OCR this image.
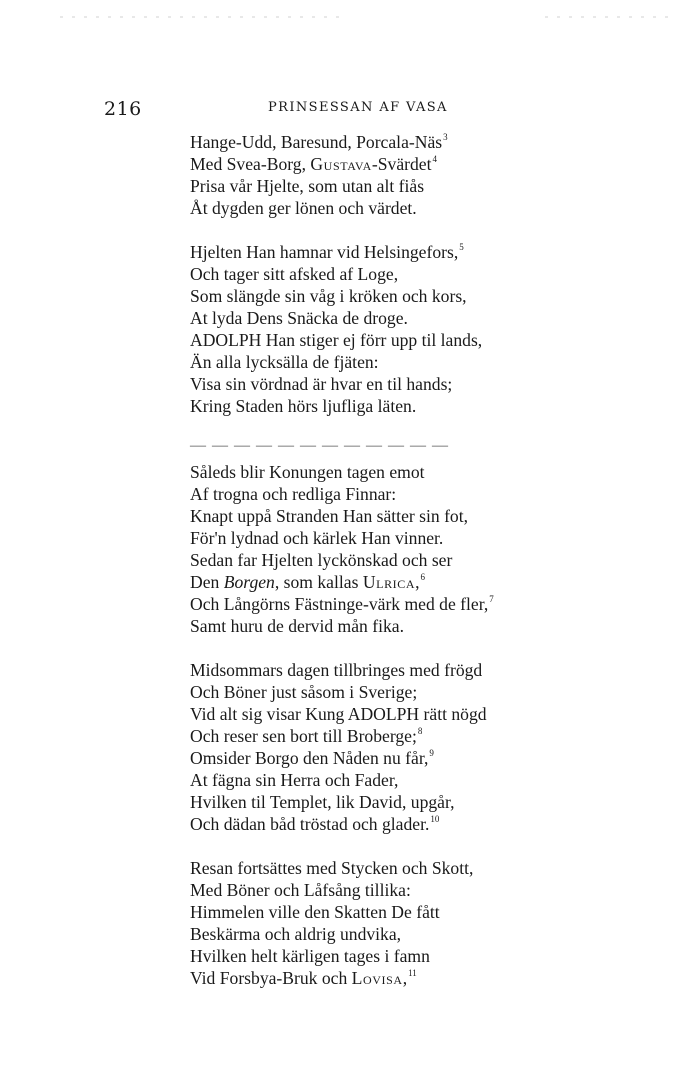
216	PRINSESSAN AF VASA
Hange-Udd, Baresund, Porcala-Näs$^3$
Med Svea-Borg, Gustava-Svärdet$^4$
Prisa vår Hjelte, som utan alt fiås
Åt dygden ger lönen och värdet.
Hjelten Han hamnar vid Helsingefors,$^5$
Och tager sitt afsked af Loge,
Som slängde sin våg i kröken och kors,
At lyda Dens Snäcka de droge.
ADOLPH Han stiger ej förr upp til lands,
Än alla lycksälla de fjäten:
Visa sin vördnad är hvar en til hands;
Kring Staden hörs ljufliga läten.
— — — — — — — — — — — —
Såleds blir Konungen tagen emot
Af trogna och redliga Finnar:
Knapt uppå Stranden Han sätter sin fot,
För'n lydnad och kärlek Han vinner.
Sedan far Hjelten lyckönskad och ser
Den Borgen, som kallas Ulrica,$^6$
Och Långörns Fästninge-värk med de fler,$^7$
Samt huru de dervid mån fika.
Midsommars dagen tillbringes med frögd
Och Böner just såsom i Sverige;
Vid alt sig visar Kung ADOLPH rätt nögd
Och reser sen bort till Broberge;$^8$
Omsider Borgo den Nåden nu får,$^9$
At fägna sin Herra och Fader,
Hvilken til Templet, lik David, upgår,
Och dädan båd tröstad och glader.$^{10}$
Resan fortsättes med Stycken och Skott,
Med Böner och Låfsång tillika:
Himmelen ville den Skatten De fått
Beskärma och aldrig undvika,
Hvilken helt kärligen tages i famn
Vid Forsbya-Bruk och Lovisa,$^{11}$
